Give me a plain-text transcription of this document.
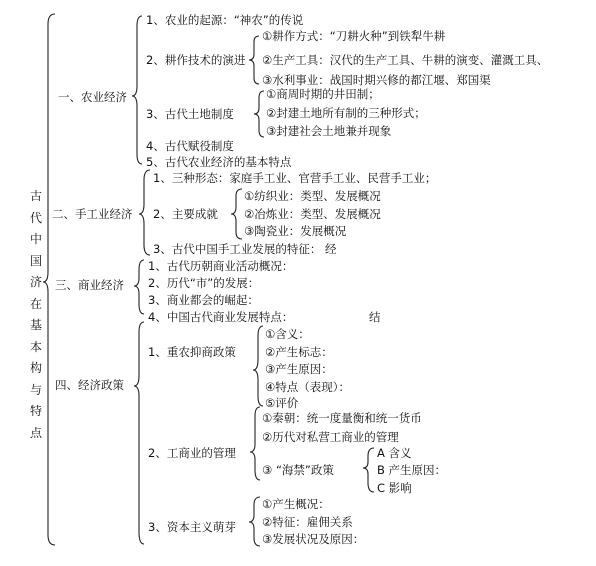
古代中国济在基本构与特点
一、农业经济
1、农业的起源：“神农”的传说
2、耕作技术的演进
3、古代土地制度
4、古代赋役制度
5、古代农业经济的基本特点
①耕作方式：“刀耕火种”到铁犁牛耕
②生产工具：汉代的生产工具、牛耕的演变、灌溉工具、
③水利事业：战国时期兴修的都江堰、郑国渠
①商周时期的井田制；
②封建土地所有制的三种形式；
③封建社会土地兼并现象
二、手工业经济
1、三种形态：家庭手工业、官营手工业、民营手工业；
2、主要成就
3、古代中国手工业发展的特征： 经
①纺织业：类型、发展概况
②冶炼业：类型、发展概况
③陶瓷业：发展概况
三、商业经济
1、古代历朝商业活动概况：
2、历代“市”的发展：
3、商业都会的崛起：
4、中国古代商业发展特点：	结
四、经济政策
1、重农抑商政策
2、工商业的管理
3、资本主义萌芽
①含义：
②产生标志：
③产生原因：
④特点（表现）：
⑤评价
①秦朝：统一度量衡和统一货币
②历代对私营工商业的管理
③ “海禁”政策
A 含义
B 产生原因：
C 影响
①产生概况：
②特征：雇佣关系
③发展状况及原因：
